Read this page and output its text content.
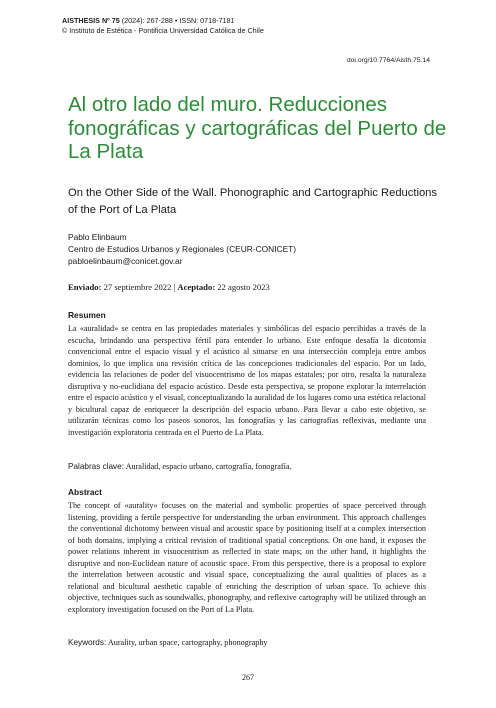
AISTHESIS Nº 75 (2024): 267-288 • ISSN: 0718-7181
© Instituto de Estética - Pontificia Universidad Católica de Chile
doi.org/10.7764/Aisth.75.14
Al otro lado del muro. Reducciones fonográficas y cartográficas del Puerto de La Plata

On the Other Side of the Wall. Phonographic and Cartographic Reductions of the Port of La Plata

Pablo Elinbaum
Centro de Estudios Urbanos y Regionales (CEUR-CONICET)
pabloelinbaum@conicet.gov.ar
Enviado: 27 septiembre 2022 | Aceptado: 22 agosto 2023
Resumen

La «auralidad» se centra en las propiedades materiales y simbólicas del espacio percibidas a través de la escucha, brindando una perspectiva fértil para entender lo urbano. Este enfoque desafía la dicotomía convencional entre el espacio visual y el acústico al situarse en una intersección compleja entre ambos dominios, lo que implica una revisión crítica de las concepciones tradicionales del espacio. Por un lado, evidencia las relaciones de poder del visuocentrismo de los mapas estatales; por otro, resalta la naturaleza disruptiva y no-euclidiana del espacio acústico. Desde esta perspectiva, se propone explorar la interrelación entre el espacio acústico y el visual, conceptualizando la auralidad de los lugares como una estética relacional y bicultural capaz de enriquecer la descripción del espacio urbano. Para llevar a cabo este objetivo, se utilizarán técnicas como los paseos sonoros, las fonografías y las cartografías reflexivas, mediante una investigación exploratoria centrada en el Puerto de La Plata.

Palabras clave: Auralidad, espacio urbano, cartografía, fonografía.
Abstract

The concept of «aurality» focuses on the material and symbolic properties of space perceived through listening, providing a fertile perspective for understanding the urban environment. This approach challenges the conventional dichotomy between visual and acoustic space by positioning itself at a complex intersection of both domains, implying a critical revision of traditional spatial conceptions. On one hand, it exposes the power relations inherent in visuocentrism as reflected in state maps; on the other hand, it highlights the disruptive and non-Euclidean nature of acoustic space. From this perspective, there is a proposal to explore the interrelation between acoustic and visual space, conceptualizing the aural qualities of places as a relational and bicultural aesthetic capable of enriching the description of urban space. To achieve this objective, techniques such as soundwalks, phonography, and reflexive cartography will be utilized through an exploratory investigation focused on the Port of La Plata.

Keywords: Aurality, urban space, cartography, phonography
267
